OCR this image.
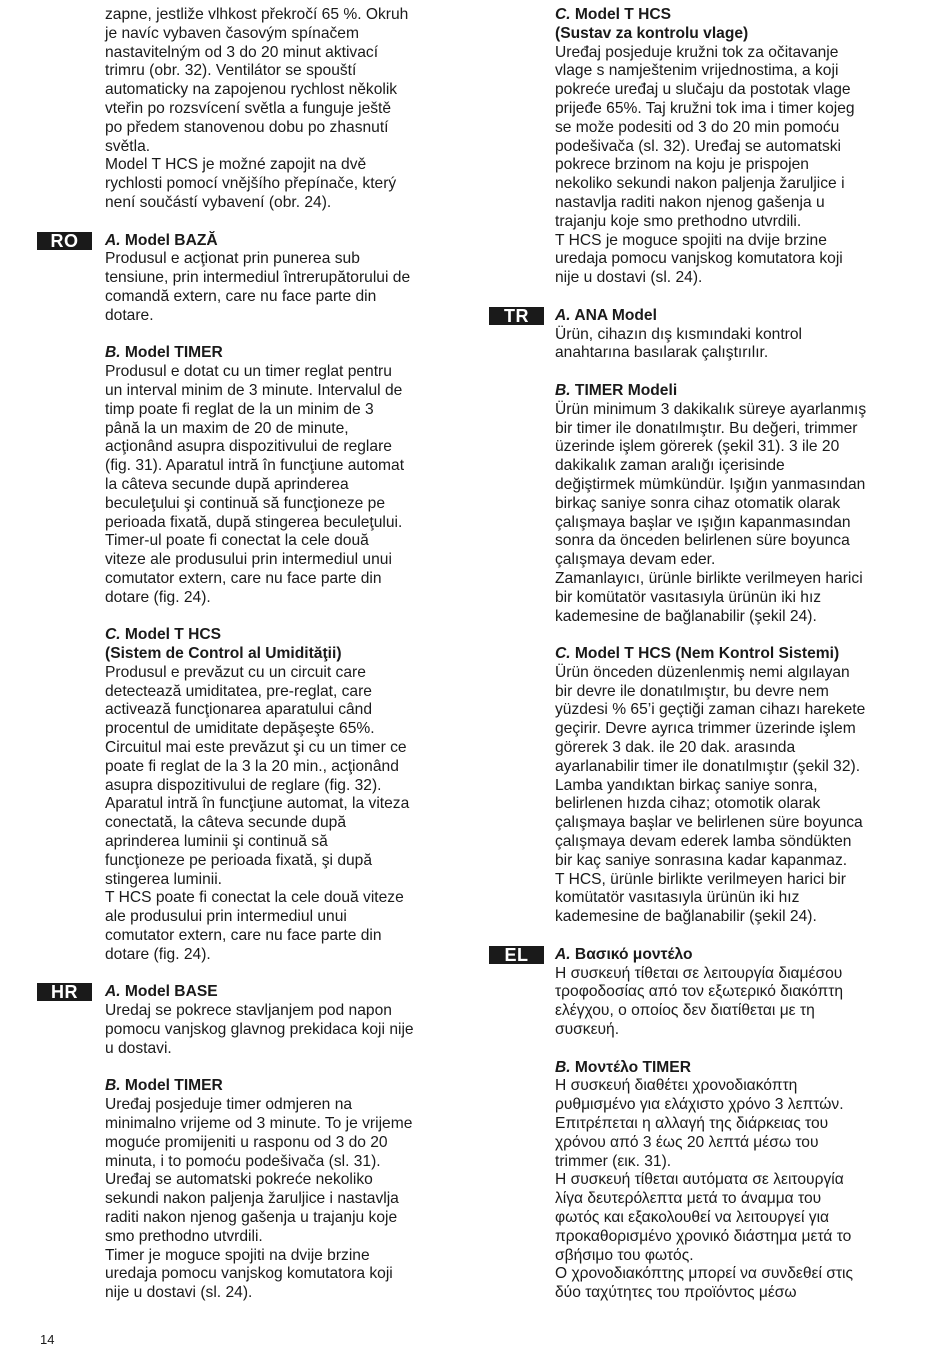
zapne, jestliže vlhkost překročí 65 %. Okruh
je navíc vybaven časovým spínačem
nastavitelným od 3 do 20 minut aktivací
trimru (obr. 32). Ventilátor se spouští
automaticky na zapojenou rychlost několik
vteřin po rozsvícení světla a funguje ještě
po předem stanovenou dobu po zhasnutí
světla.
Model T HCS je možné zapojit na dvě
rychlosti pomocí vnějšího přepínače, který
není součástí vybavení (obr. 24).

RO	A. Model BAZĂ

Produsul e acţionat prin punerea sub
tensiune, prin intermediul întrerupătorului de
comandă extern, care nu face parte din
dotare.

B. Model TIMER

Produsul e dotat cu un timer reglat pentru
un interval minim de 3 minute. Intervalul de
timp poate fi reglat de la un minim de 3
până la un maxim de 20 de minute,
acţionând asupra dispozitivului de reglare
(fig. 31). Aparatul intră în funcţiune automat
la câteva secunde după aprinderea
beculeţului şi continuă să funcţioneze pe
perioada fixată, după stingerea beculeţului.
Timer-ul poate fi conectat la cele două
viteze ale produsului prin intermediul unui
comutator extern, care nu face parte din
dotare (fig. 24).

C. Model T HCS

(Sistem de Control al Umidităţii)

Produsul e prevăzut cu un circuit care
detectează umiditatea, pre-reglat, care
activează funcţionarea aparatului când
procentul de umiditate depăşeşte 65%.
Circuitul mai este prevăzut şi cu un timer ce
poate fi reglat de la 3 la 20 min., acţionând
asupra dispozitivului de reglare (fig. 32).
Aparatul intră în funcţiune automat, la viteza
conectată, la câteva secunde după
aprinderea luminii şi continuă să
funcţioneze pe perioada fixată, şi după
stingerea luminii.
T HCS poate fi conectat la cele două viteze
ale produsului prin intermediul unui
comutator extern, care nu face parte din
dotare (fig. 24).

HR	A. Model BASE

Uredaj se pokrece stavljanjem pod napon
pomocu vanjskog glavnog prekidaca koji nije
u dostavi.

B. Model TIMER

Uređaj posjeduje timer odmjeren na
minimalno vrijeme od 3 minute. To je vrijeme
moguće promijeniti u rasponu od 3 do 20
minuta, i to pomoću podešivača (sl. 31).
Uređaj se automatski pokreće nekoliko
sekundi nakon paljenja žaruljice i nastavlja
raditi nakon njenog gašenja u trajanju koje
smo prethodno utvrdili.
Timer je moguce spojiti na dvije brzine
uredaja pomocu vanjskog komutatora koji
nije u dostavi (sl. 24).

C. Model T HCS

(Sustav za kontrolu vlage)

Uređaj posjeduje kružni tok za očitavanje
vlage s namještenim vrijednostima, a koji
pokreće uređaj u slučaju da postotak vlage
prijeđe 65%. Taj kružni tok ima i timer kojeg
se može podesiti od 3 do 20 min pomoću
podešivača (sl. 32). Uređaj se automatski
pokrece brzinom na koju je prispojen
nekoliko sekundi nakon paljenja žaruljice i
nastavlja raditi nakon njenog gašenja u
trajanju koje smo prethodno utvrdili.
T HCS je moguce spojiti na dvije brzine
uredaja pomocu vanjskog komutatora koji
nije u dostavi (sl. 24).

TR	A. ANA Model

Ürün, cihazın dış kısmındaki kontrol
anahtarına basılarak çalıştırılır.

B. TIMER Modeli

Ürün minimum 3 dakikalık süreye ayarlanmış
bir timer ile donatılmıştır. Bu değeri, trimmer
üzerinde işlem görerek (şekil 31). 3 ile 20
dakikalık zaman aralığı içerisinde
değiştirmek mümkündür. Işığın yanmasından
birkaç saniye sonra cihaz otomatik olarak
çalışmaya başlar ve ışığın kapanmasından
sonra da önceden belirlenen süre boyunca
çalışmaya devam eder.
Zamanlayıcı, ürünle birlikte verilmeyen harici
bir komütatör vasıtasıyla ürünün iki hız
kademesine de bağlanabilir (şekil 24).

C. Model T HCS (Nem Kontrol Sistemi)

Ürün önceden düzenlenmiş nemi algılayan
bir devre ile donatılmıştır, bu devre nem
yüzdesi % 65’i geçtiği zaman cihazı harekete
geçirir. Devre ayrıca trimmer üzerinde işlem
görerek 3 dak. ile 20 dak. arasında
ayarlanabilir timer ile donatılmıştır (şekil 32).
Lamba yandıktan birkaç saniye sonra,
belirlenen hızda cihaz; otomotik olarak
çalışmaya başlar ve belirlenen süre boyunca
çalışmaya devam ederek lamba söndükten
bir kaç saniye sonrasına kadar kapanmaz.
T HCS, ürünle birlikte verilmeyen harici bir
komütatör vasıtasıyla ürünün iki hız
kademesine de bağlanabilir (şekil 24).

EL	A. Βασικό μοντέλο

Η συσκευή τίθεται σε λειτουργία διαμέσου
τροφοδοσίας από τον εξωτερικό διακόπτη
ελέγχου, ο οποίος δεν διατίθεται με τη
συσκευή.

B. Μοντέλο TIMER

Η συσκευή διαθέτει χρονοδιακόπτη
ρυθμισμένο για ελάχιστο χρόνο 3 λεπτών.
Επιτρέπεται η αλλαγή της διάρκειας του
χρόνου από 3 έως 20 λεπτά μέσω του
trimmer (εικ. 31).
Η συσκευή τίθεται αυτόματα σε λειτουργία
λίγα δευτερόλεπτα μετά το άναμμα του
φωτός και εξακολουθεί να λειτουργεί για
προκαθορισμένο χρονικό διάστημα μετά το
σβήσιμο του φωτός.
Ο χρονοδιακόπτης μπορεί να συνδεθεί στις
δύο ταχύτητες του προϊόντος μέσω

14
